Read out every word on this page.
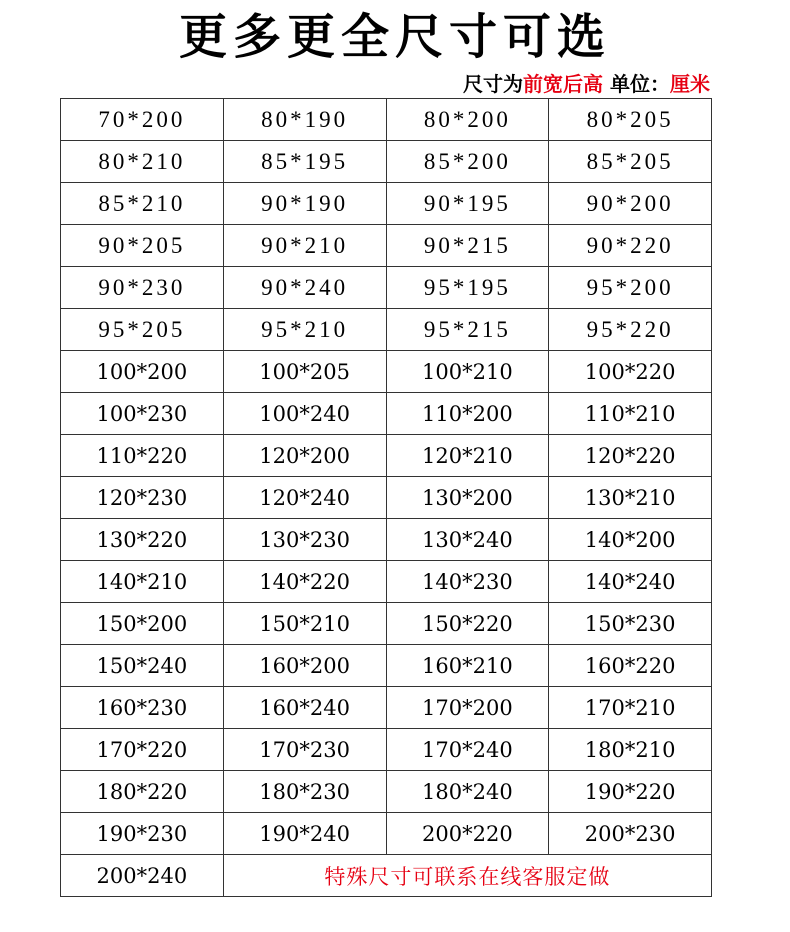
更多更全尺寸可选
尺寸为前宽后高 单位：厘米
70*200	80*190	80*200	80*205
80*210	85*195	85*200	85*205
85*210	90*190	90*195	90*200
90*205	90*210	90*215	90*220
90*230	90*240	95*195	95*200
95*205	95*210	95*215	95*220
100*200	100*205	100*210	100*220
100*230	100*240	110*200	110*210
110*220	120*200	120*210	120*220
120*230	120*240	130*200	130*210
130*220	130*230	130*240	140*200
140*210	140*220	140*230	140*240
150*200	150*210	150*220	150*230
150*240	160*200	160*210	160*220
160*230	160*240	170*200	170*210
170*220	170*230	170*240	180*210
180*220	180*230	180*240	190*220
190*230	190*240	200*220	200*230
200*240	特殊尺寸可联系在线客服定做		
